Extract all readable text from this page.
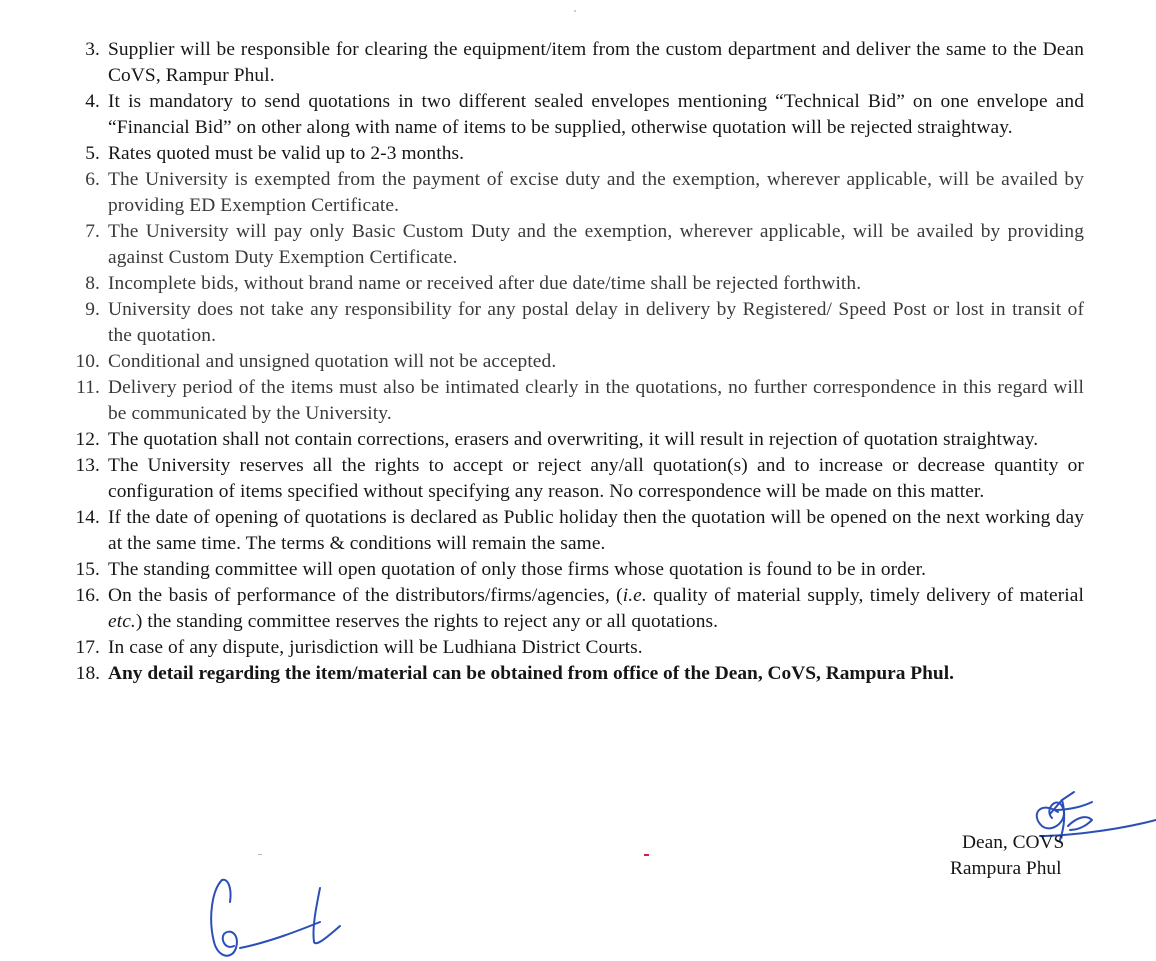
3. Supplier will be responsible for clearing the equipment/item from the custom department and deliver the same to the Dean CoVS, Rampur Phul.
4. It is mandatory to send quotations in two different sealed envelopes mentioning “Technical Bid” on one envelope and “Financial Bid” on other along with name of items to be supplied, otherwise quotation will be rejected straightway.
5. Rates quoted must be valid up to 2-3 months.
6. The University is exempted from the payment of excise duty and the exemption, wherever applicable, will be availed by providing ED Exemption Certificate.
7. The University will pay only Basic Custom Duty and the exemption, wherever applicable, will be availed by providing against Custom Duty Exemption Certificate.
8. Incomplete bids, without brand name or received after due date/time shall be rejected forthwith.
9. University does not take any responsibility for any postal delay in delivery by Registered/ Speed Post or lost in transit of the quotation.
10. Conditional and unsigned quotation will not be accepted.
11. Delivery period of the items must also be intimated clearly in the quotations, no further correspondence in this regard will be communicated by the University.
12. The quotation shall not contain corrections, erasers and overwriting, it will result in rejection of quotation straightway.
13. The University reserves all the rights to accept or reject any/all quotation(s) and to increase or decrease quantity or configuration of items specified without specifying any reason. No correspondence will be made on this matter.
14. If the date of opening of quotations is declared as Public holiday then the quotation will be opened on the next working day at the same time. The terms & conditions will remain the same.
15. The standing committee will open quotation of only those firms whose quotation is found to be in order.
16. On the basis of performance of the distributors/firms/agencies, (i.e. quality of material supply, timely delivery of material etc.) the standing committee reserves the rights to reject any or all quotations.
17. In case of any dispute, jurisdiction will be Ludhiana District Courts.
18. Any detail regarding the item/material can be obtained from office of the Dean, CoVS, Rampura Phul.
Dean, COVS
Rampura Phul
